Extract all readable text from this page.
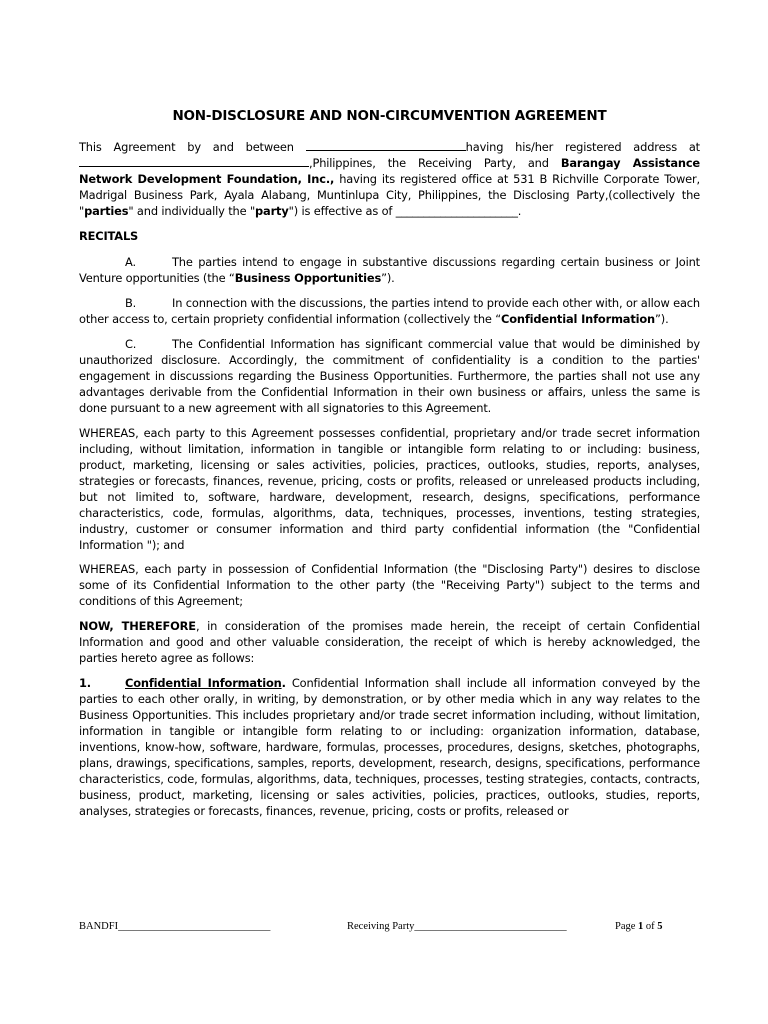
NON-DISCLOSURE AND NON-CIRCUMVENTION AGREEMENT
This Agreement by and between	having his/her registered address at ,Philippines, the Receiving Party, and Barangay Assistance Network Development Foundation, Inc., having its registered office at 531 B Richville Corporate Tower, Madrigal Business Park, Ayala Alabang, Muntinlupa City, Philippines, the Disclosing Party,(collectively the "parties" and individually the "party") is effective as of ______________________.
RECITALS
A.	The parties intend to engage in substantive discussions regarding certain business or Joint Venture opportunities (the “Business Opportunities”).
B.	In connection with the discussions, the parties intend to provide each other with, or allow each other access to, certain propriety confidential information (collectively the “Confidential Information”).
C.	The Confidential Information has significant commercial value that would be diminished by unauthorized disclosure. Accordingly, the commitment of confidentiality is a condition to the parties' engagement in discussions regarding the Business Opportunities. Furthermore, the parties shall not use any advantages derivable from the Confidential Information in their own business or affairs, unless the same is done pursuant to a new agreement with all signatories to this Agreement.
WHEREAS, each party to this Agreement possesses confidential, proprietary and/or trade secret information including, without limitation, information in tangible or intangible form relating to or including: business, product, marketing, licensing or sales activities, policies, practices, outlooks, studies, reports, analyses, strategies or forecasts, finances, revenue, pricing, costs or profits, released or unreleased products including, but not limited to, software, hardware, development, research, designs, specifications, performance characteristics, code, formulas, algorithms, data, techniques, processes, inventions, testing strategies, industry, customer or consumer information and third party confidential information (the "Confidential Information "); and
WHEREAS, each party in possession of Confidential Information (the "Disclosing Party") desires to disclose some of its Confidential Information to the other party (the "Receiving Party") subject to the terms and conditions of this Agreement;
NOW, THEREFORE, in consideration of the promises made herein, the receipt of certain Confidential Information and good and other valuable consideration, the receipt of which is hereby acknowledged, the parties hereto agree as follows:
1.	Confidential Information. Confidential Information shall include all information conveyed by the parties to each other orally, in writing, by demonstration, or by other media which in any way relates to the Business Opportunities. This includes proprietary and/or trade secret information including, without limitation, information in tangible or intangible form relating to or including: organization information, database, inventions, know-how, software, hardware, formulas, processes, procedures, designs, sketches, photographs, plans, drawings, specifications, samples, reports, development, research, designs, specifications, performance characteristics, code, formulas, algorithms, data, techniques, processes, testing strategies, contacts, contracts, business, product, marketing, licensing or sales activities, policies, practices, outlooks, studies, reports, analyses, strategies or forecasts, finances, revenue, pricing, costs or profits, released or
BANDFI_____________________________	Receiving Party_____________________________	Page 1 of 5
